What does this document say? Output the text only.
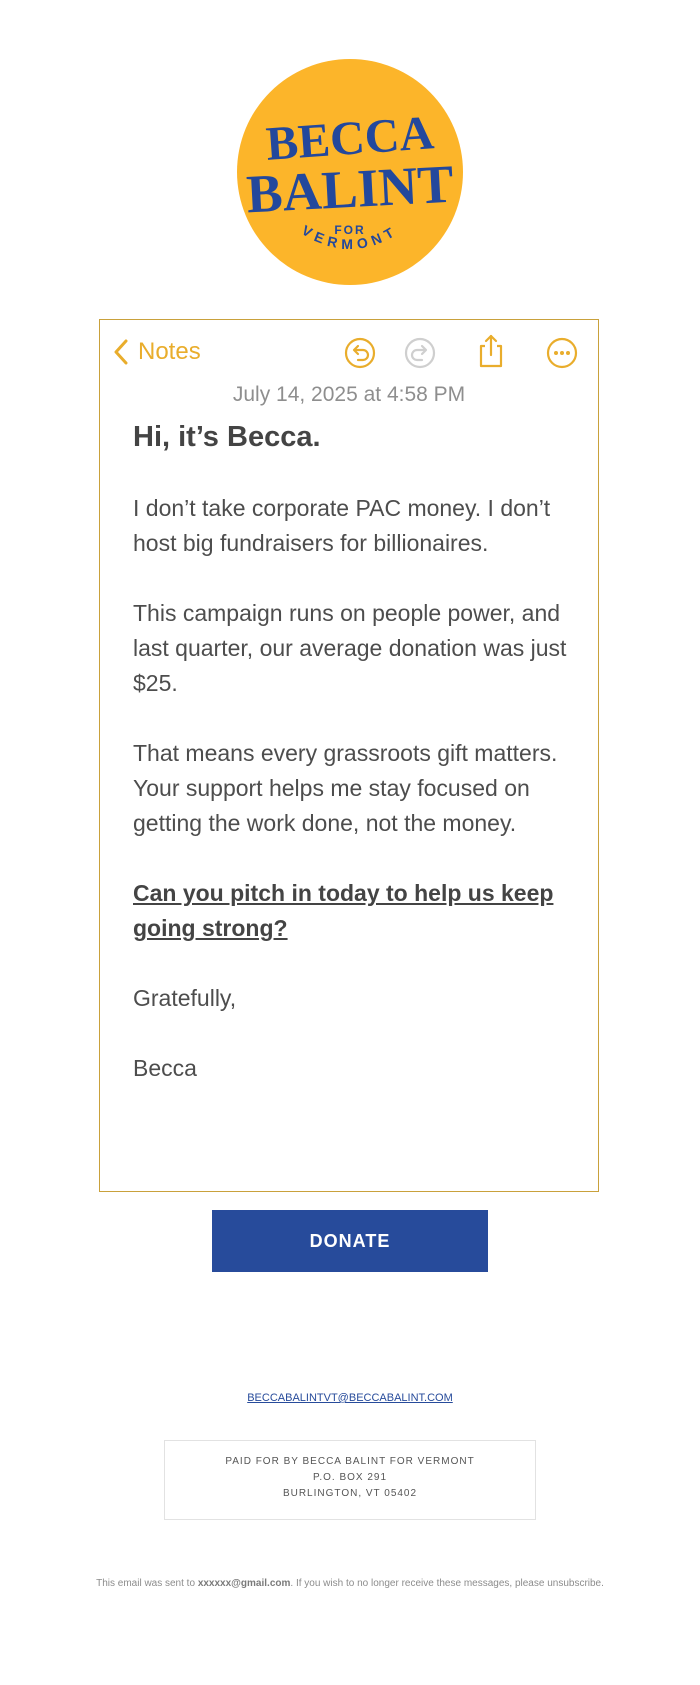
BECCA
BALINT
FOR
VERMONT
Notes
July 14, 2025 at 4:58 PM
Hi, it’s Becca.

I don’t take corporate PAC money. I don’t host big fundraisers for billionaires.

This campaign runs on people power, and last quarter, our average donation was just $25.

That means every grassroots gift matters. Your support helps me stay focused on getting the work done, not the money.

Can you pitch in today to help us keep going strong?

Gratefully,

Becca

DONATE
BECCABALINTVT@BECCABALINT.COM
PAID FOR BY BECCA BALINT FOR VERMONT
P.O. BOX 291
BURLINGTON, VT 05402
This email was sent to xxxxxx@gmail.com. If you wish to no longer receive these messages, please unsubscribe.
